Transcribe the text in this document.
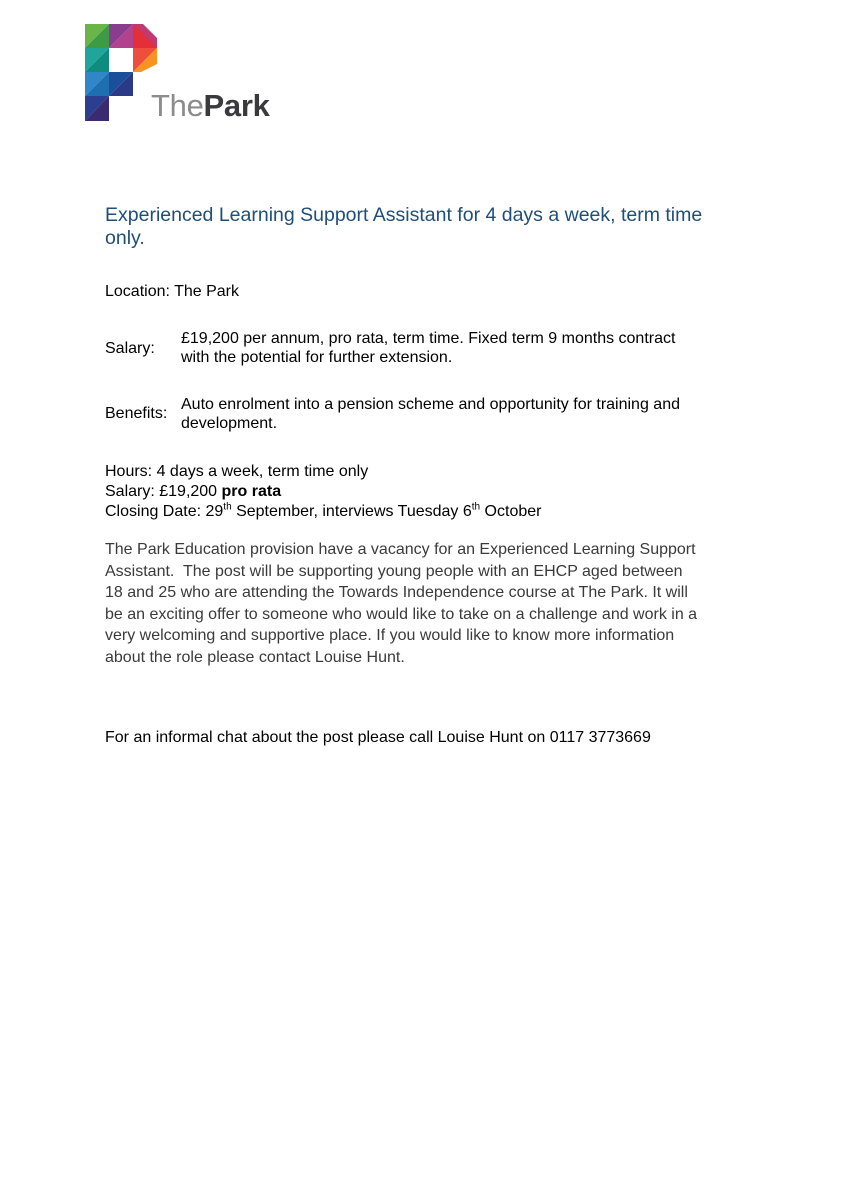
ThePark
Experienced Learning Support Assistant for 4 days a week, term time only.
Location: The Park
Salary:
£19,200 per annum, pro rata, term time. Fixed term 9 months contract
with the potential for further extension.
Benefits:
Auto enrolment into a pension scheme and opportunity for training and
development.
Hours: 4 days a week, term time only
Salary: £19,200 pro rata
Closing Date: 29th September, interviews Tuesday 6th October
The Park Education provision have a vacancy for an Experienced Learning Support
Assistant.  The post will be supporting young people with an EHCP aged between
18 and 25 who are attending the Towards Independence course at The Park. It will
be an exciting offer to someone who would like to take on a challenge and work in a
very welcoming and supportive place. If you would like to know more information
about the role please contact Louise Hunt.
For an informal chat about the post please call Louise Hunt on 0117 3773669
